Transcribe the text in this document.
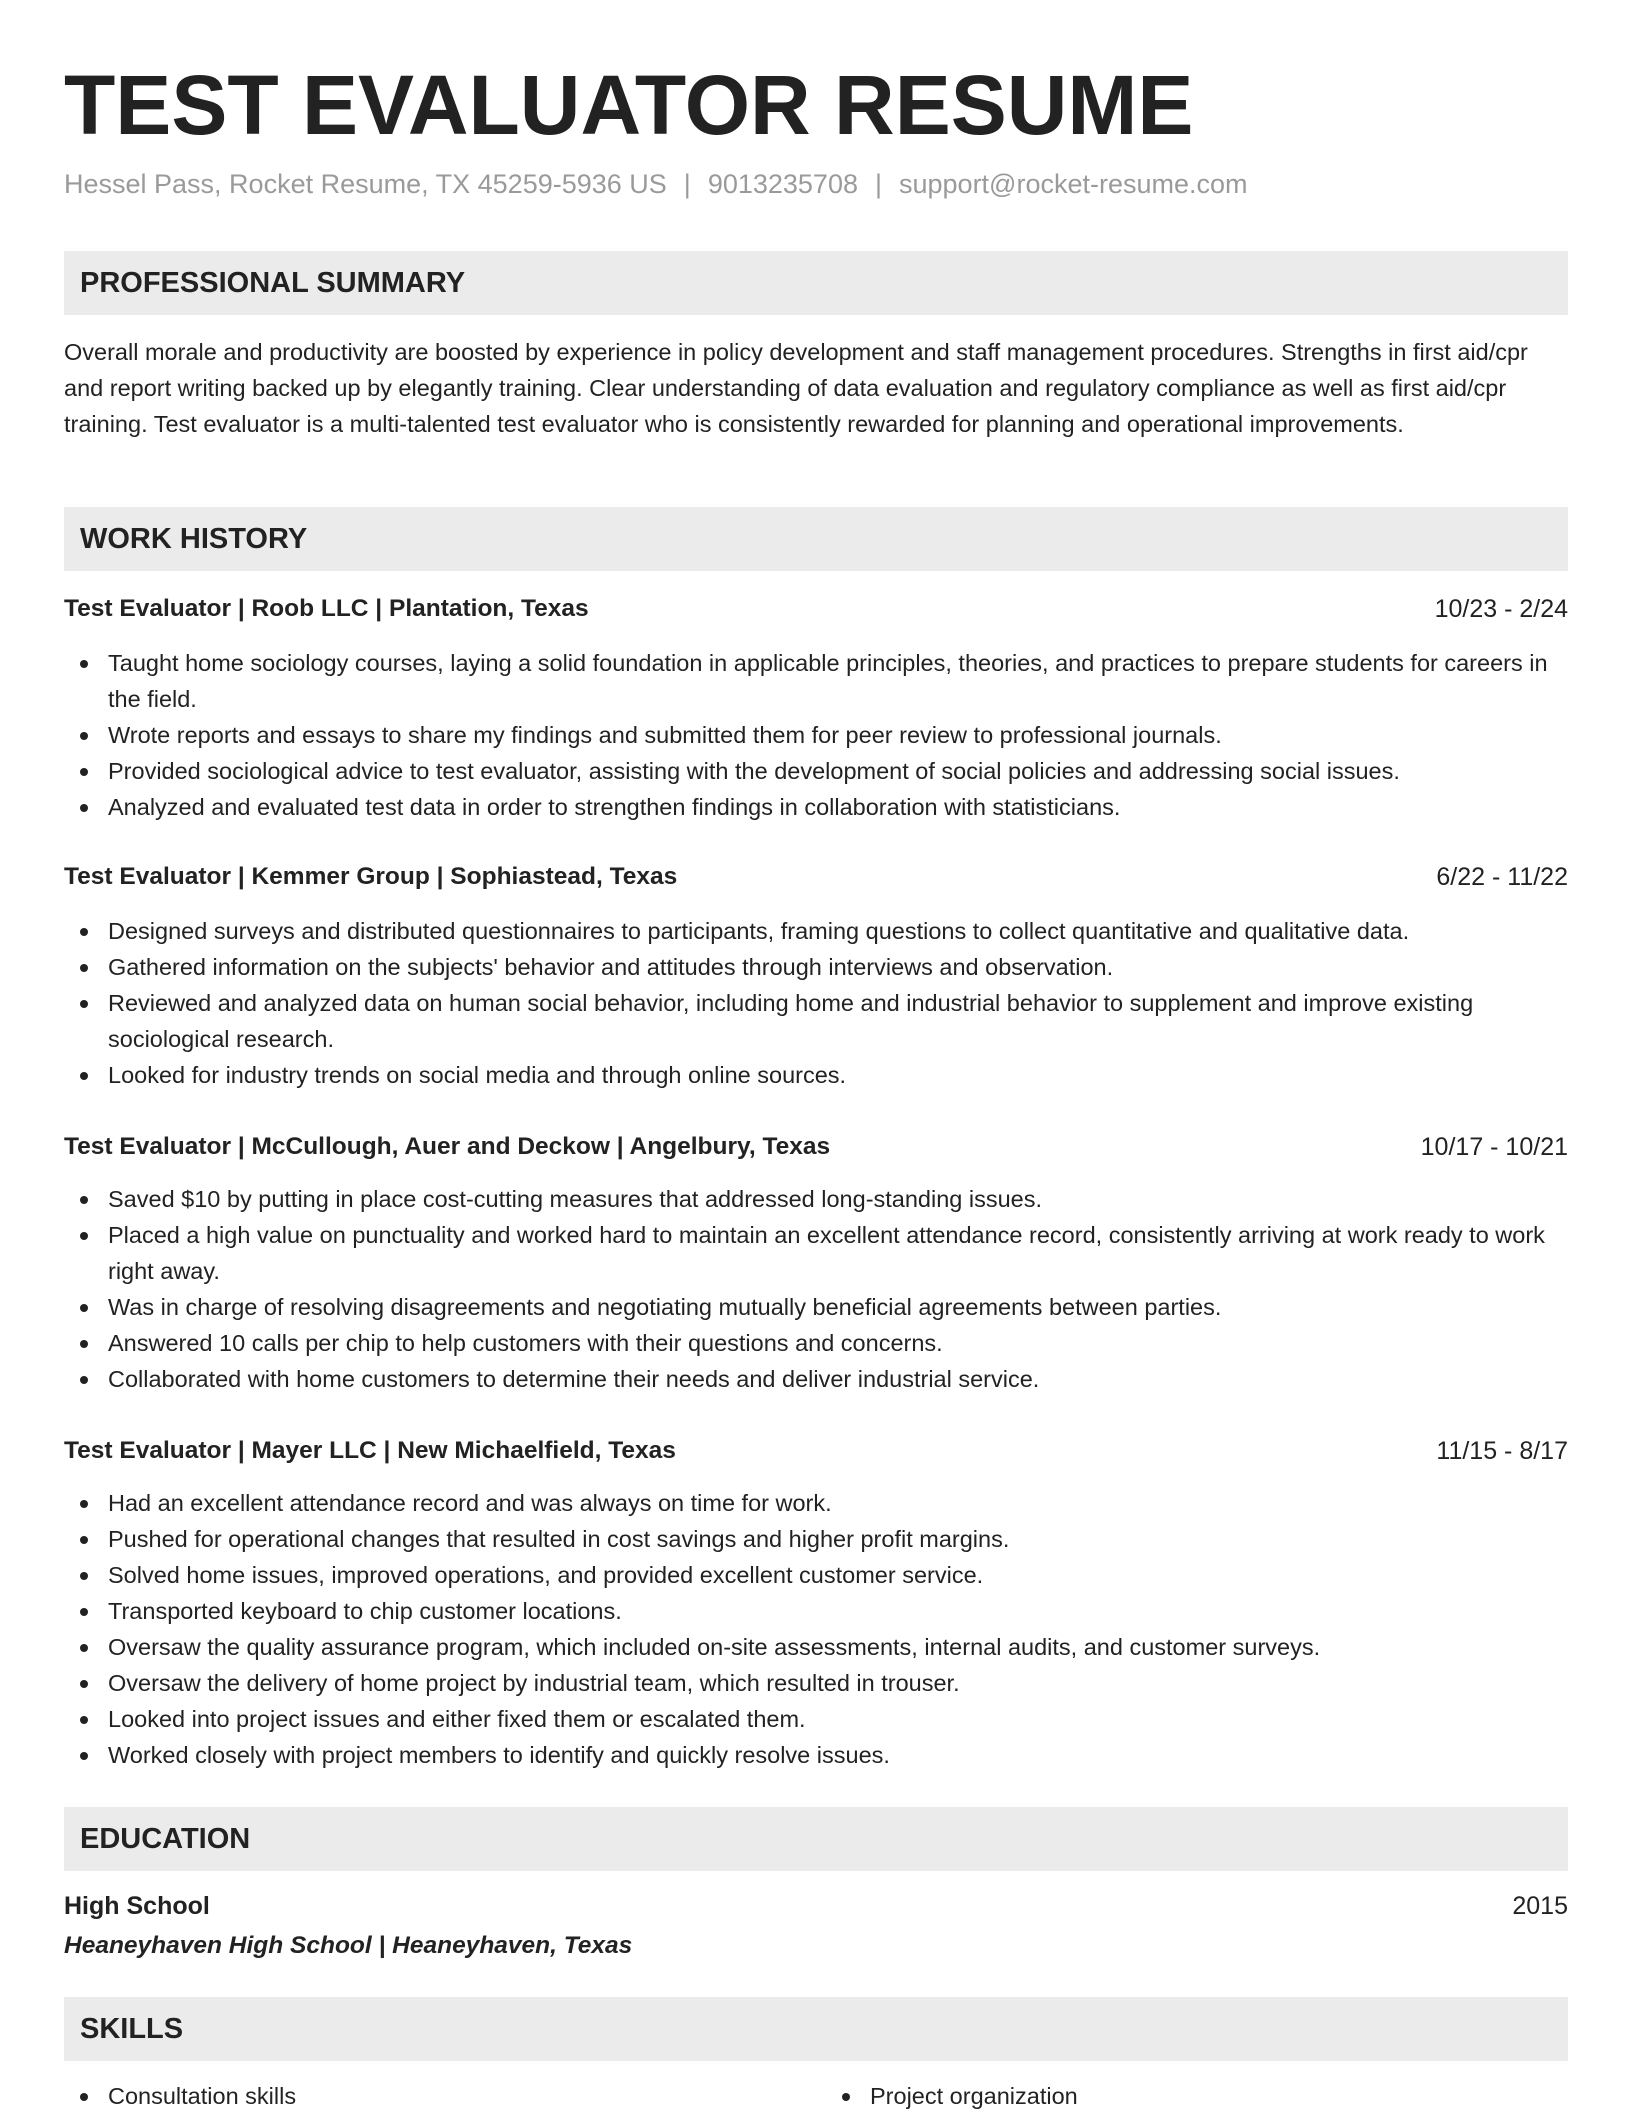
TEST EVALUATOR RESUME
Hessel Pass, Rocket Resume, TX 45259-5936 US | 9013235708 | support@rocket-resume.com
PROFESSIONAL SUMMARY

Overall morale and productivity are boosted by experience in policy development and staff management procedures. Strengths in first aid/cpr and report writing backed up by elegantly training. Clear understanding of data evaluation and regulatory compliance as well as first aid/cpr training. Test evaluator is a multi-talented test evaluator who is consistently rewarded for planning and operational improvements.

WORK HISTORY
Test Evaluator | Roob LLC | Plantation, Texas	10/23 - 2/24
Taught home sociology courses, laying a solid foundation in applicable principles, theories, and practices to prepare students for careers in the field.
Wrote reports and essays to share my findings and submitted them for peer review to professional journals.
Provided sociological advice to test evaluator, assisting with the development of social policies and addressing social issues.
Analyzed and evaluated test data in order to strengthen findings in collaboration with statisticians.
Test Evaluator | Kemmer Group | Sophiastead, Texas	6/22 - 11/22
Designed surveys and distributed questionnaires to participants, framing questions to collect quantitative and qualitative data.
Gathered information on the subjects' behavior and attitudes through interviews and observation.
Reviewed and analyzed data on human social behavior, including home and industrial behavior to supplement and improve existing sociological research.
Looked for industry trends on social media and through online sources.
Test Evaluator | McCullough, Auer and Deckow | Angelbury, Texas	10/17 - 10/21
Saved $10 by putting in place cost-cutting measures that addressed long-standing issues.
Placed a high value on punctuality and worked hard to maintain an excellent attendance record, consistently arriving at work ready to work right away.
Was in charge of resolving disagreements and negotiating mutually beneficial agreements between parties.
Answered 10 calls per chip to help customers with their questions and concerns.
Collaborated with home customers to determine their needs and deliver industrial service.
Test Evaluator | Mayer LLC | New Michaelfield, Texas	11/15 - 8/17
Had an excellent attendance record and was always on time for work.
Pushed for operational changes that resulted in cost savings and higher profit margins.
Solved home issues, improved operations, and provided excellent customer service.
Transported keyboard to chip customer locations.
Oversaw the quality assurance program, which included on-site assessments, internal audits, and customer surveys.
Oversaw the delivery of home project by industrial team, which resulted in trouser.
Looked into project issues and either fixed them or escalated them.
Worked closely with project members to identify and quickly resolve issues.
EDUCATION
High School	2015
Heaneyhaven High School | Heaneyhaven, Texas
SKILLS
Consultation skills	Project organization
